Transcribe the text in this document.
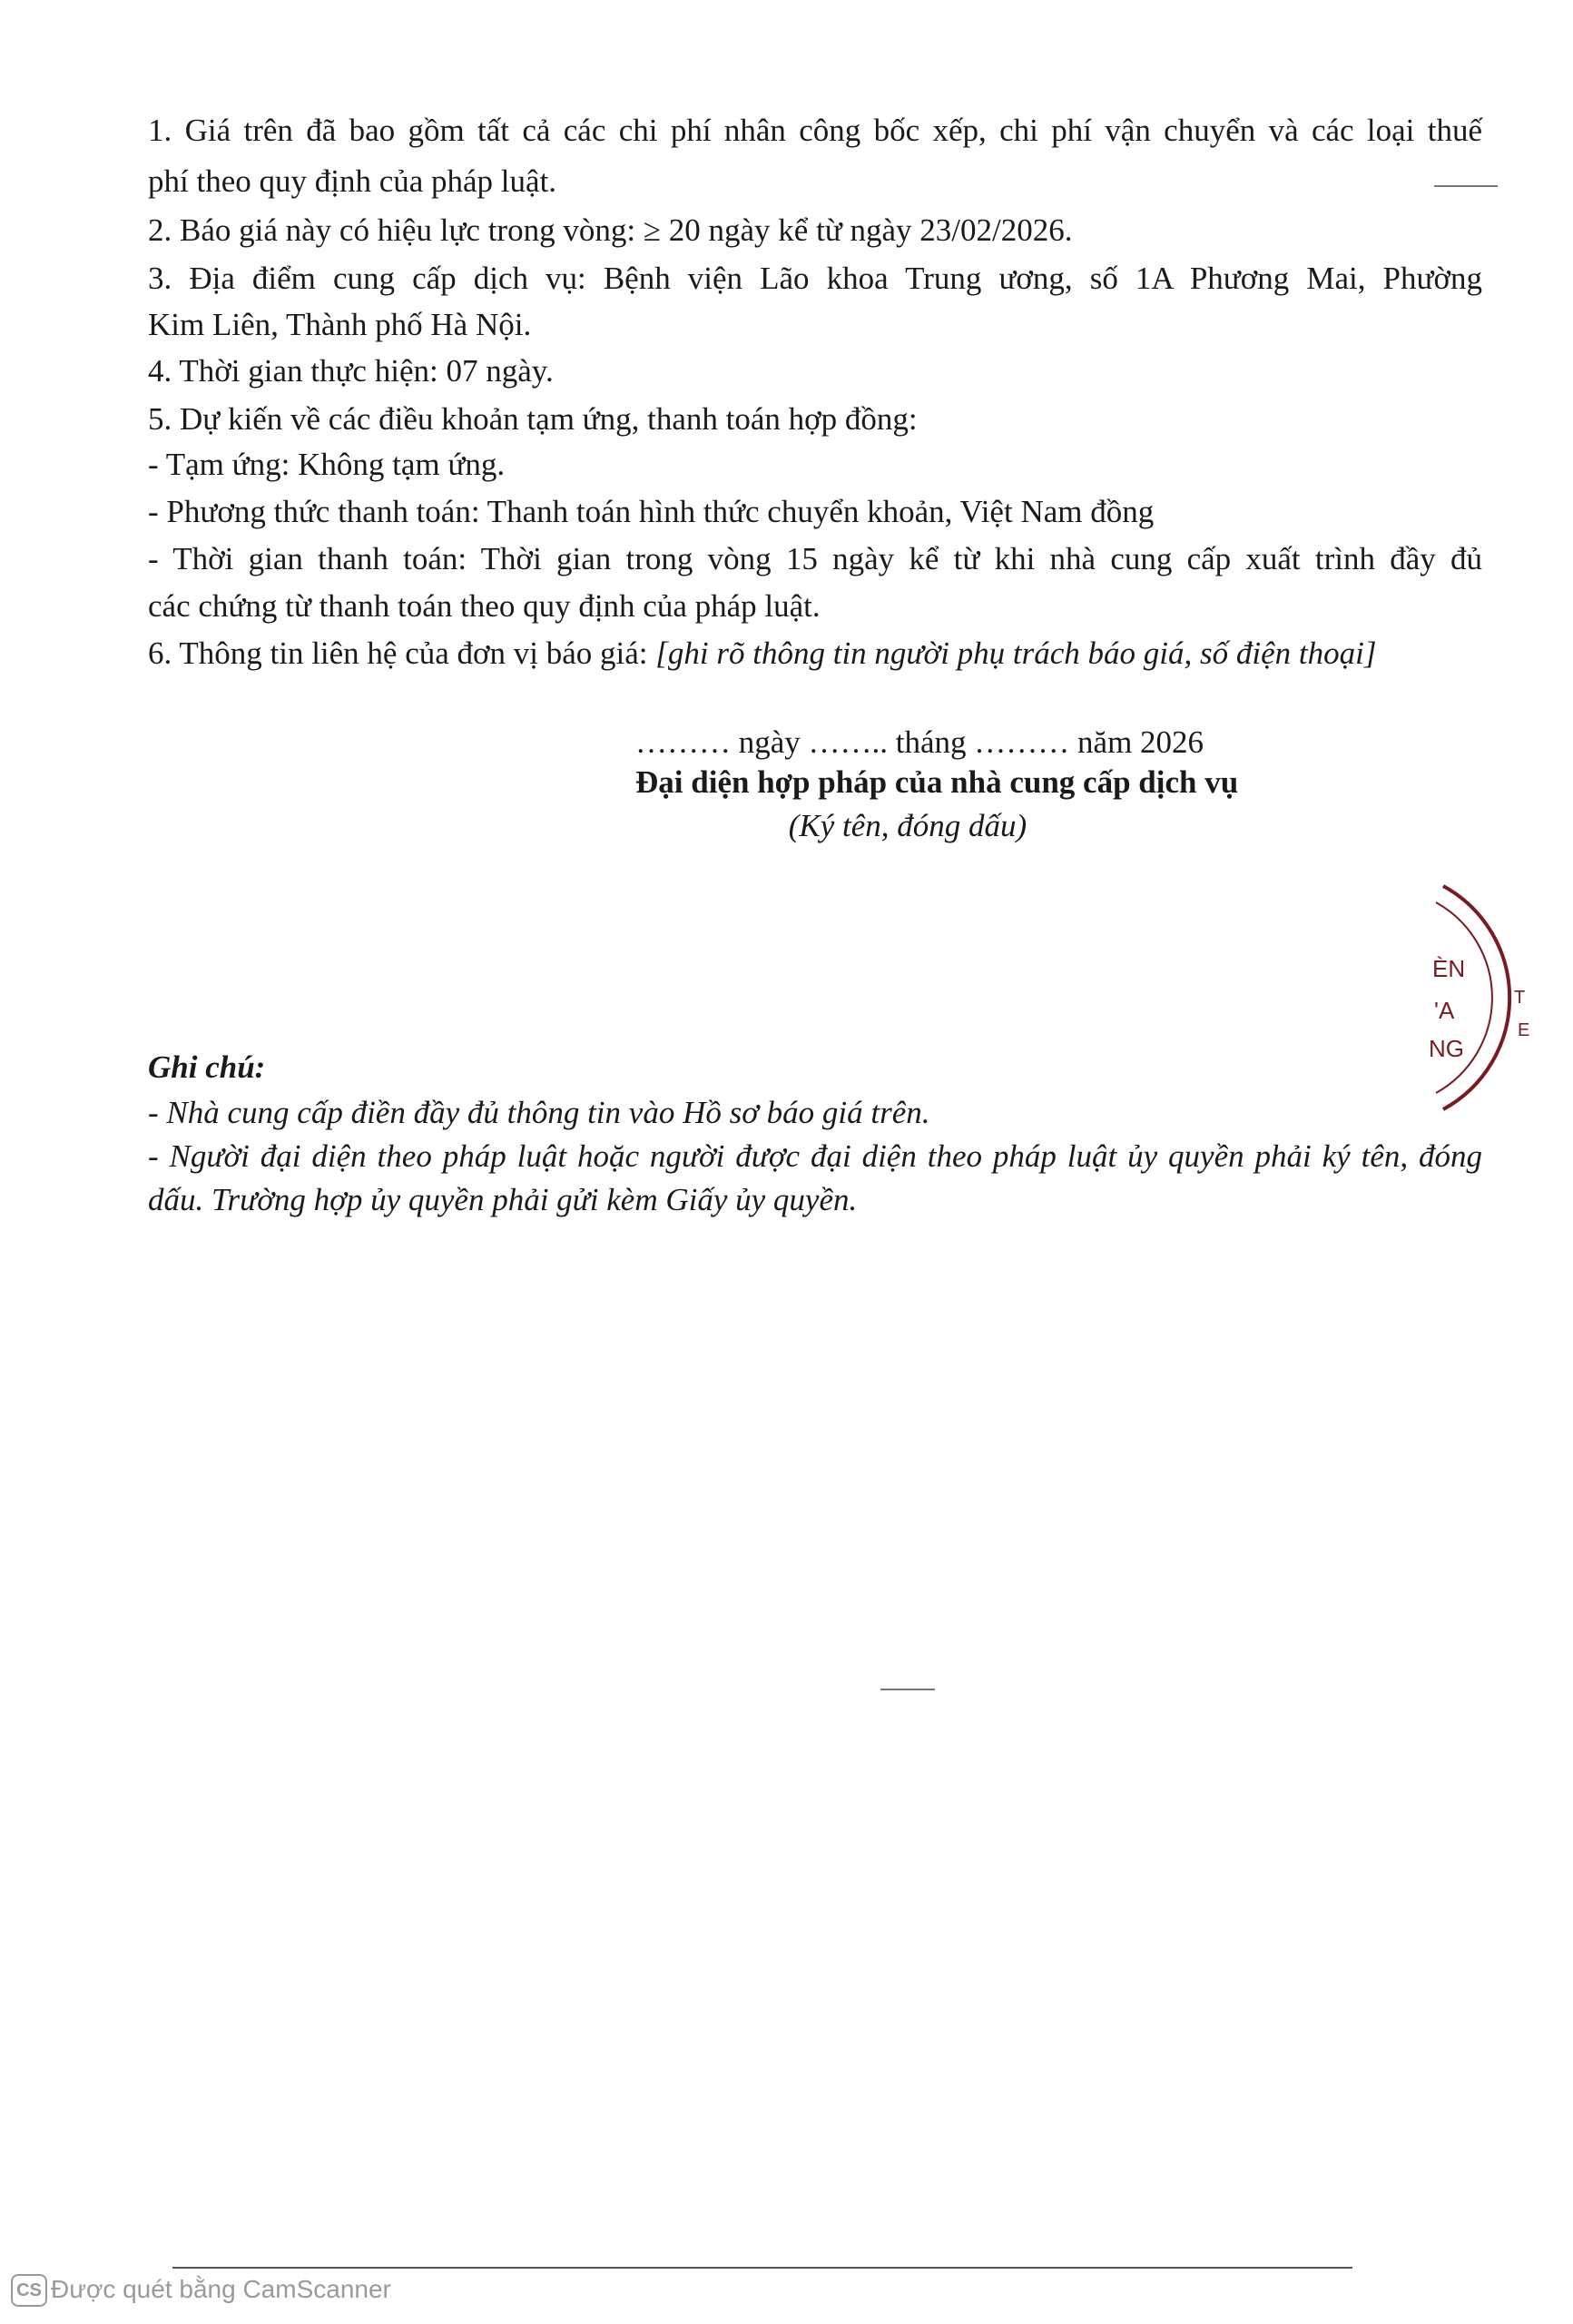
1. Giá trên đã bao gồm tất cả các chi phí nhân công bốc xếp, chi phí vận chuyển và các loại thuế
phí theo quy định của pháp luật.
2. Báo giá này có hiệu lực trong vòng: ≥ 20 ngày kể từ ngày 23/02/2026.
3. Địa điểm cung cấp dịch vụ: Bệnh viện Lão khoa Trung ương, số 1A Phương Mai, Phường
Kim Liên, Thành phố Hà Nội.
4. Thời gian thực hiện: 07 ngày.
5. Dự kiến về các điều khoản tạm ứng, thanh toán hợp đồng:
- Tạm ứng: Không tạm ứng.
- Phương thức thanh toán: Thanh toán hình thức chuyển khoản, Việt Nam đồng
- Thời gian thanh toán: Thời gian trong vòng 15 ngày kể từ khi nhà cung cấp xuất trình đầy đủ
các chứng từ thanh toán theo quy định của pháp luật.
6. Thông tin liên hệ của đơn vị báo giá: [ghi rõ thông tin người phụ trách báo giá, số điện thoại]
……… ngày …….. tháng ……… năm 2026
Đại diện hợp pháp của nhà cung cấp dịch vụ
(Ký tên, đóng dấu)
ÈN
'A
NG
T
E
Ghi chú:
- Nhà cung cấp điền đầy đủ thông tin vào Hồ sơ báo giá trên.
- Người đại diện theo pháp luật hoặc người được đại diện theo pháp luật ủy quyền phải ký tên, đóng
dấu. Trường hợp ủy quyền phải gửi kèm Giấy ủy quyền.
CS Được quét bằng CamScanner
